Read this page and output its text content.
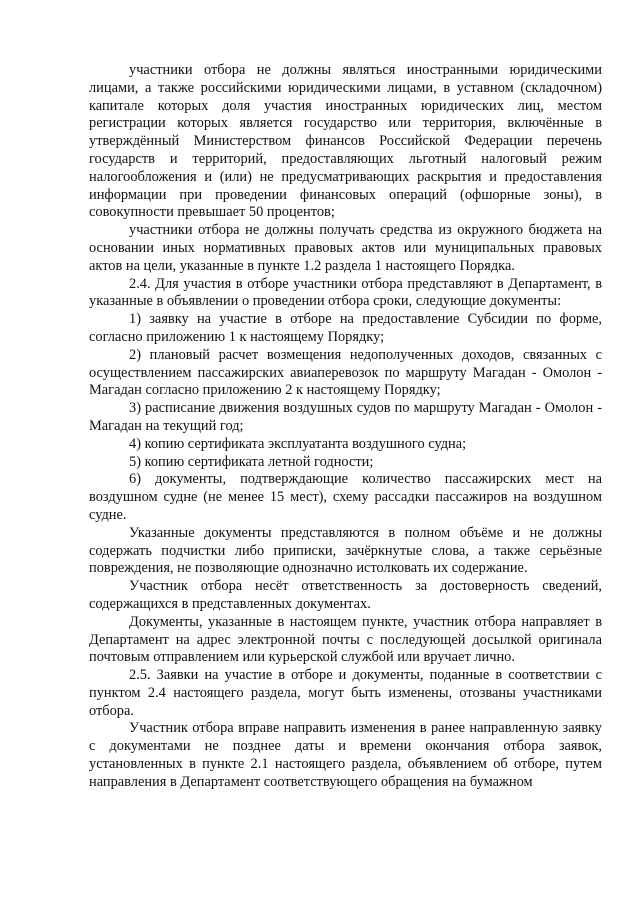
участники отбора не должны являться иностранными юридическими лицами, а также российскими юридическими лицами, в уставном (складочном) капитале которых доля участия иностранных юридических лиц, местом регистрации которых является государство или территория, включённые в утверждённый Министерством финансов Российской Федерации перечень государств и территорий, предоставляющих льготный налоговый режим налогообложения и (или) не предусматривающих раскрытия и предоставления информации при проведении финансовых операций (офшорные зоны), в совокупности превышает 50 процентов;

участники отбора не должны получать средства из окружного бюджета на основании иных нормативных правовых актов или муниципальных правовых актов на цели, указанные в пункте 1.2 раздела 1 настоящего Порядка.

2.4. Для участия в отборе участники отбора представляют в Департамент, в указанные в объявлении о проведении отбора сроки, следующие документы:

1) заявку на участие в отборе на предоставление Субсидии по форме, согласно приложению 1 к настоящему Порядку;

2) плановый расчет возмещения недополученных доходов, связанных с осуществлением пассажирских авиаперевозок по маршруту Магадан - Омолон - Магадан согласно приложению 2 к настоящему Порядку;

3) расписание движения воздушных судов по маршруту Магадан - Омолон - Магадан на текущий год;

4) копию сертификата эксплуатанта воздушного судна;

5) копию сертификата летной годности;

6) документы, подтверждающие количество пассажирских мест на воздушном судне (не менее 15 мест), схему рассадки пассажиров на воздушном судне.

Указанные документы представляются в полном объёме и не должны содержать подчистки либо приписки, зачёркнутые слова, а также серьёзные повреждения, не позволяющие однозначно истолковать их содержание.

Участник отбора несёт ответственность за достоверность сведений, содержащихся в представленных документах.

Документы, указанные в настоящем пункте, участник отбора направляет в Департамент на адрес электронной почты с последующей досылкой оригинала почтовым отправлением или курьерской службой или вручает лично.

2.5. Заявки на участие в отборе и документы, поданные в соответствии с пунктом 2.4 настоящего раздела, могут быть изменены, отозваны участниками отбора.

Участник отбора вправе направить изменения в ранее направленную заявку с документами не позднее даты и времени окончания отбора заявок, установленных в пункте 2.1 настоящего раздела, объявлением об отборе, путем направления в Департамент соответствующего обращения на бумажном
